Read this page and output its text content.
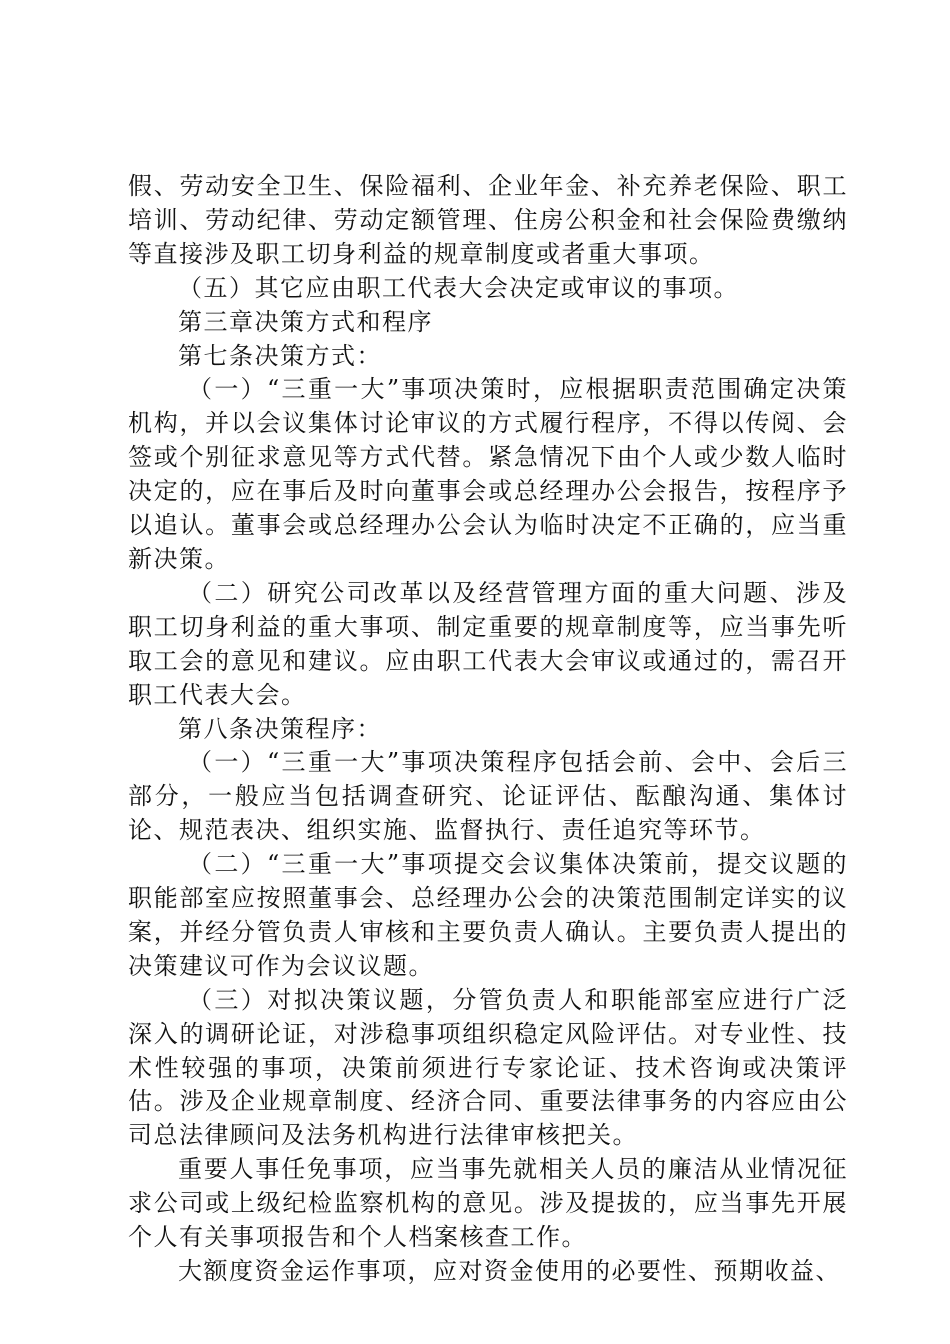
假、劳动安全卫生、保险福利、企业年金、补充养老保险、职工培训、劳动纪律、劳动定额管理、住房公积金和社会保险费缴纳等直接涉及职工切身利益的规章制度或者重大事项。

（五）其它应由职工代表大会决定或审议的事项。

第三章决策方式和程序

第七条决策方式：

（一）“三重一大”事项决策时，应根据职责范围确定决策机构，并以会议集体讨论审议的方式履行程序，不得以传阅、会签或个别征求意见等方式代替。紧急情况下由个人或少数人临时决定的，应在事后及时向董事会或总经理办公会报告，按程序予以追认。董事会或总经理办公会认为临时决定不正确的，应当重新决策。

（二）研究公司改革以及经营管理方面的重大问题、涉及职工切身利益的重大事项、制定重要的规章制度等，应当事先听取工会的意见和建议。应由职工代表大会审议或通过的，需召开职工代表大会。

第八条决策程序：

（一）“三重一大”事项决策程序包括会前、会中、会后三部分，一般应当包括调查研究、论证评估、酝酿沟通、集体讨论、规范表决、组织实施、监督执行、责任追究等环节。

（二）“三重一大”事项提交会议集体决策前，提交议题的职能部室应按照董事会、总经理办公会的决策范围制定详实的议案，并经分管负责人审核和主要负责人确认。主要负责人提出的决策建议可作为会议议题。

（三）对拟决策议题，分管负责人和职能部室应进行广泛深入的调研论证，对涉稳事项组织稳定风险评估。对专业性、技术性较强的事项，决策前须进行专家论证、技术咨询或决策评估。涉及企业规章制度、经济合同、重要法律事务的内容应由公司总法律顾问及法务机构进行法律审核把关。

重要人事任免事项，应当事先就相关人员的廉洁从业情况征求公司或上级纪检监察机构的意见。涉及提拔的，应当事先开展个人有关事项报告和个人档案核查工作。

大额度资金运作事项，应对资金使用的必要性、预期收益、
